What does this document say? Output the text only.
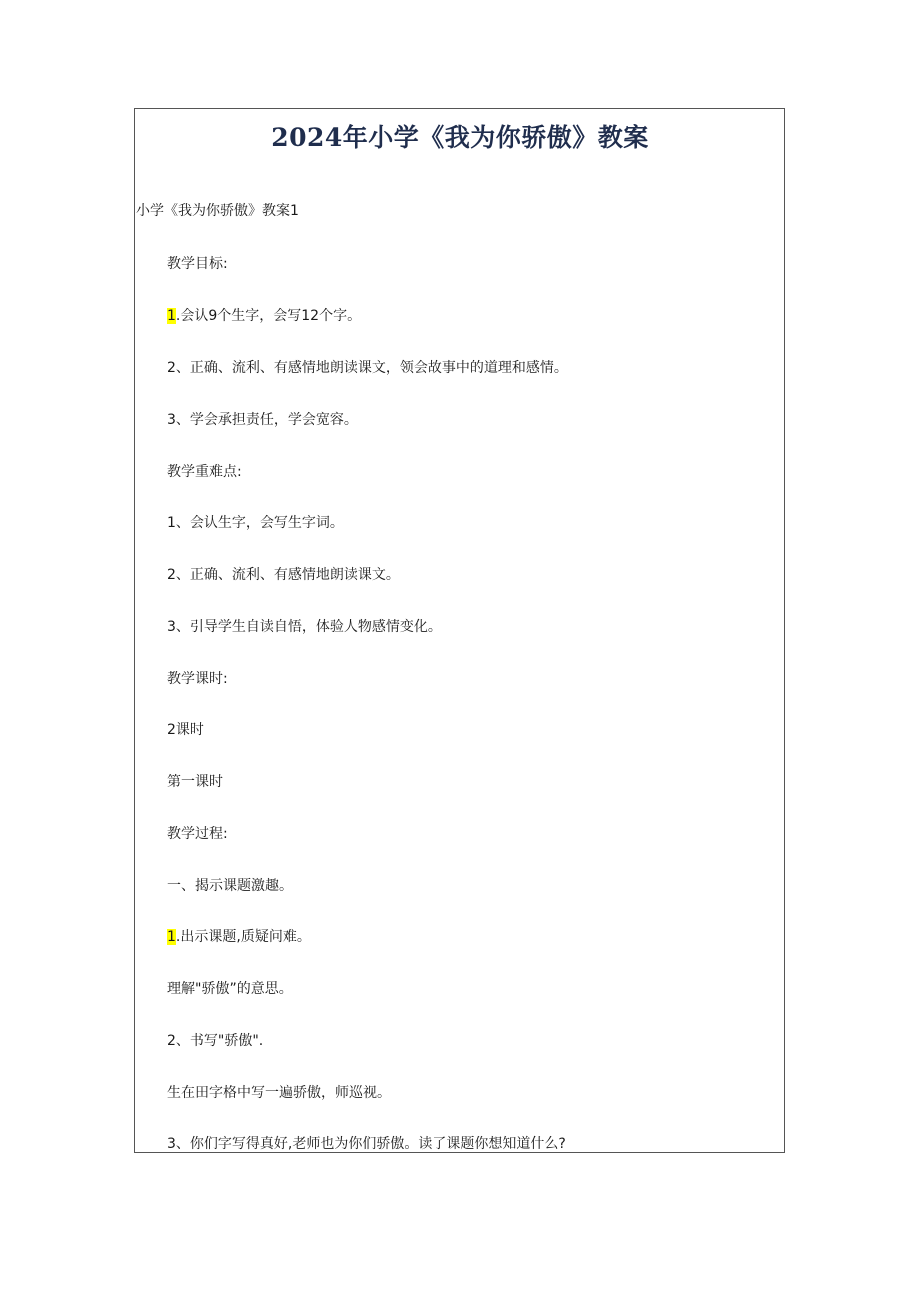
2024年小学《我为你骄傲》教案
小学《我为你骄傲》教案1
教学目标:
1.会认9个生字，会写12个字。
2、正确、流利、有感情地朗读课文，领会故事中的道理和感情。
3、学会承担责任，学会宽容。
教学重难点:
1、会认生字，会写生字词。
2、正确、流利、有感情地朗读课文。
3、引导学生自读自悟，体验人物感情变化。
教学课时:
2课时
第一课时
教学过程:
一、揭示课题激趣。
1.出示课题,质疑问难。
理解"骄傲”的意思。
2、书写"骄傲".
生在田字格中写一遍骄傲，师巡视。
3、你们字写得真好,老师也为你们骄傲。读了课题你想知道什么?
